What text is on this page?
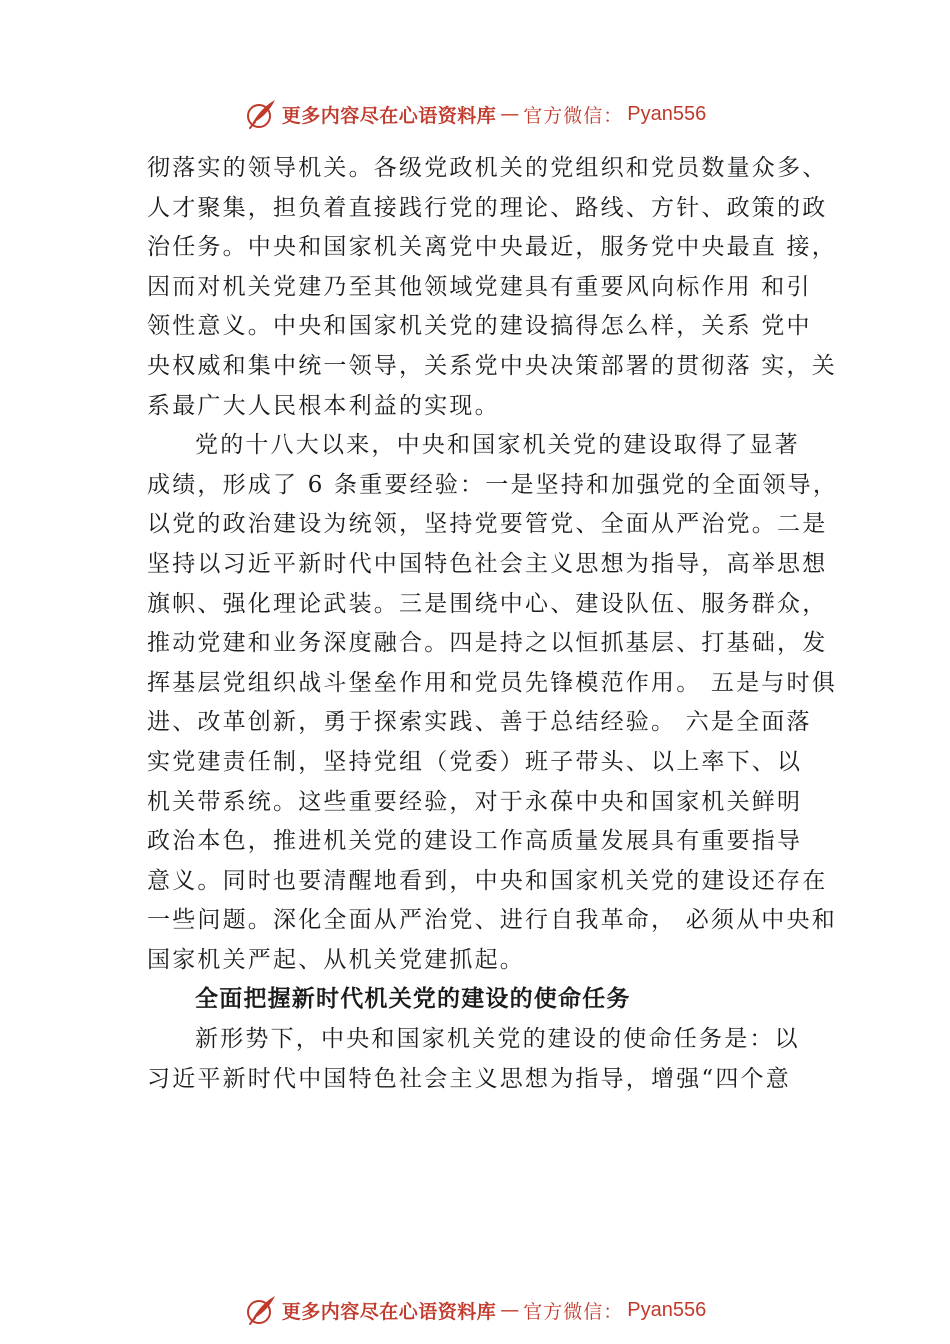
更多内容尽在心语资料库 — 官方微信： Pyan556
彻落实的领导机关。各级党政机关的党组织和党员数量众多、
人才聚集，担负着直接践行党的理论、路线、方针、政策的政
治任务。中央和国家机关离党中央最近，服务党中央最直 接，
因而对机关党建乃至其他领域党建具有重要风向标作用 和引
领性意义。中央和国家机关党的建设搞得怎么样，关系 党中
央权威和集中统一领导，关系党中央决策部署的贯彻落 实，关
系最广大人民根本利益的实现。
党的十八大以来，中央和国家机关党的建设取得了显著
成绩，形成了 6 条重要经验：一是坚持和加强党的全面领导，
以党的政治建设为统领，坚持党要管党、全面从严治党。二是
坚持以习近平新时代中国特色社会主义思想为指导，高举思想
旗帜、强化理论武装。三是围绕中心、建设队伍、服务群众，
推动党建和业务深度融合。四是持之以恒抓基层、打基础，发
挥基层党组织战斗堡垒作用和党员先锋模范作用。 五是与时俱
进、改革创新，勇于探索实践、善于总结经验。 六是全面落
实党建责任制，坚持党组（党委）班子带头、以上率下、以
机关带系统。这些重要经验，对于永葆中央和国家机关鲜明
政治本色，推进机关党的建设工作高质量发展具有重要指导
意义。同时也要清醒地看到，中央和国家机关党的建设还存在
一些问题。深化全面从严治党、进行自我革命， 必须从中央和
国家机关严起、从机关党建抓起。
全面把握新时代机关党的建设的使命任务
新形势下，中央和国家机关党的建设的使命任务是：以
习近平新时代中国特色社会主义思想为指导，增强“四个意
更多内容尽在心语资料库 — 官方微信： Pyan556
